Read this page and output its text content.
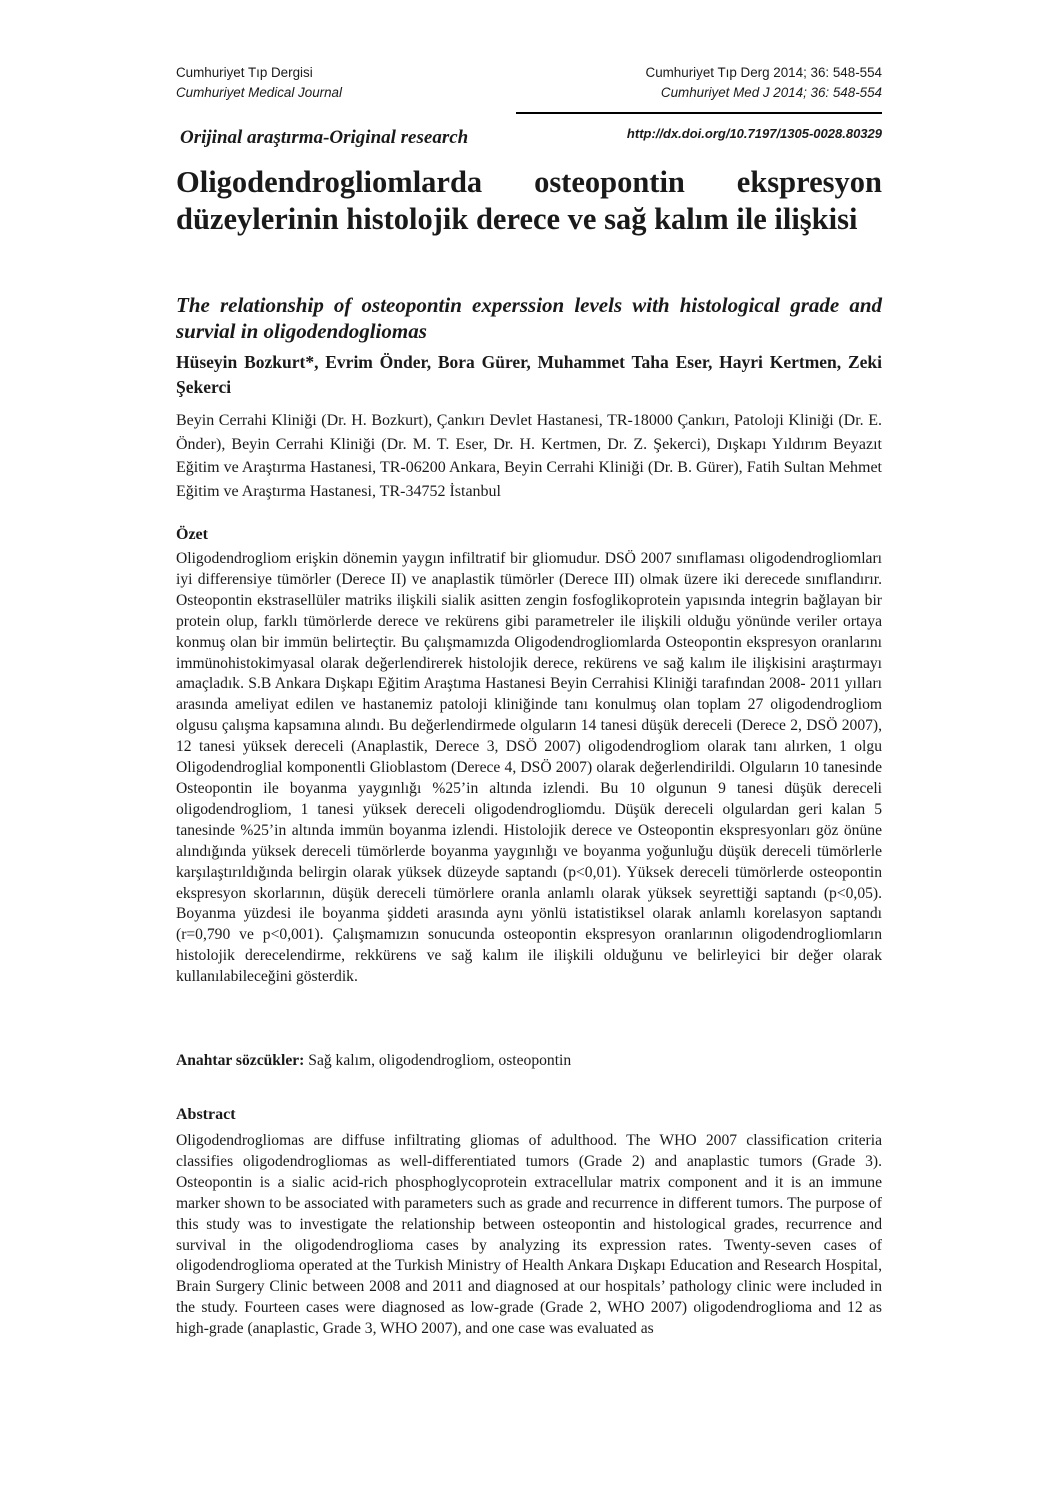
Cumhuriyet Tıp Dergisi	Cumhuriyet Tıp Derg 2014; 36: 548-554
Cumhuriyet Medical Journal	Cumhuriyet Med J 2014; 36: 548-554
Orijinal araştırma-Original research	http://dx.doi.org/10.7197/1305-0028.80329
Oligodendrogliomlarda osteopontin ekspresyon düzeylerinin histolojik derece ve sağ kalım ile ilişkisi
The relationship of osteopontin experssion levels with histological grade and survial in oligodendogliomas
Hüseyin Bozkurt*, Evrim Önder, Bora Gürer, Muhammet Taha Eser, Hayri Kertmen, Zeki Şekerci
Beyin Cerrahi Kliniği (Dr. H. Bozkurt), Çankırı Devlet Hastanesi, TR-18000 Çankırı, Patoloji Kliniği (Dr. E. Önder), Beyin Cerrahi Kliniği (Dr. M. T. Eser, Dr. H. Kertmen, Dr. Z. Şekerci), Dışkapı Yıldırım Beyazıt Eğitim ve Araştırma Hastanesi, TR-06200 Ankara, Beyin Cerrahi Kliniği (Dr. B. Gürer), Fatih Sultan Mehmet Eğitim ve Araştırma Hastanesi, TR-34752 İstanbul
Özet
Oligodendrogliom erişkin dönemin yaygın infiltratif bir gliomudur. DSÖ 2007 sınıflaması oligodendrogliomları iyi differensiye tümörler (Derece II) ve anaplastik tümörler (Derece III) olmak üzere iki derecede sınıflandırır. Osteopontin ekstrasellüler matriks ilişkili sialik asitten zengin fosfoglikoprotein yapısında integrin bağlayan bir protein olup, farklı tümörlerde derece ve rekürens gibi parametreler ile ilişkili olduğu yönünde veriler ortaya konmuş olan bir immün belirteçtir. Bu çalışmamızda Oligodendrogliomlarda Osteopontin ekspresyon oranlarını immünohistokimyasal olarak değerlendirerek histolojik derece, rekürens ve sağ kalım ile ilişkisini araştırmayı amaçladık. S.B Ankara Dışkapı Eğitim Araştıma Hastanesi Beyin Cerrahisi Kliniği tarafından 2008- 2011 yılları arasında ameliyat edilen ve hastanemiz patoloji kliniğinde tanı konulmuş olan toplam 27 oligodendrogliom olgusu çalışma kapsamına alındı. Bu değerlendirmede olguların 14 tanesi düşük dereceli (Derece 2, DSÖ 2007), 12 tanesi yüksek dereceli (Anaplastik, Derece 3, DSÖ 2007) oligodendrogliom olarak tanı alırken, 1 olgu Oligodendroglial komponentli Glioblastom (Derece 4, DSÖ 2007) olarak değerlendirildi. Olguların 10 tanesinde Osteopontin ile boyanma yaygınlığı %25’in altında izlendi. Bu 10 olgunun 9 tanesi düşük dereceli oligodendrogliom, 1 tanesi yüksek dereceli oligodendrogliomdu. Düşük dereceli olgulardan geri kalan 5 tanesinde %25’in altında immün boyanma izlendi. Histolojik derece ve Osteopontin ekspresyonları göz önüne alındığında yüksek dereceli tümörlerde boyanma yaygınlığı ve boyanma yoğunluğu düşük dereceli tümörlerle karşılaştırıldığında belirgin olarak yüksek düzeyde saptandı (p<0,01). Yüksek dereceli tümörlerde osteopontin ekspresyon skorlarının, düşük dereceli tümörlere oranla anlamlı olarak yüksek seyrettiği saptandı (p<0,05). Boyanma yüzdesi ile boyanma şiddeti arasında aynı yönlü istatistiksel olarak anlamlı korelasyon saptandı (r=0,790 ve p<0,001). Çalışmamızın sonucunda osteopontin ekspresyon oranlarının oligodendrogliomların histolojik derecelendirme, rekkürens ve sağ kalım ile ilişkili olduğunu ve belirleyici bir değer olarak kullanılabileceğini gösterdik.
Anahtar sözcükler: Sağ kalım, oligodendrogliom, osteopontin
Abstract
Oligodendrogliomas are diffuse infiltrating gliomas of adulthood. The WHO 2007 classification criteria classifies oligodendrogliomas as well-differentiated tumors (Grade 2) and anaplastic tumors (Grade 3). Osteopontin is a sialic acid-rich phosphoglycoprotein extracellular matrix component and it is an immune marker shown to be associated with parameters such as grade and recurrence in different tumors. The purpose of this study was to investigate the relationship between osteopontin and histological grades, recurrence and survival in the oligodendroglioma cases by analyzing its expression rates. Twenty-seven cases of oligodendroglioma operated at the Turkish Ministry of Health Ankara Dışkapı Education and Research Hospital, Brain Surgery Clinic between 2008 and 2011 and diagnosed at our hospitals’ pathology clinic were included in the study. Fourteen cases were diagnosed as low-grade (Grade 2, WHO 2007) oligodendroglioma and 12 as high-grade (anaplastic, Grade 3, WHO 2007), and one case was evaluated as
